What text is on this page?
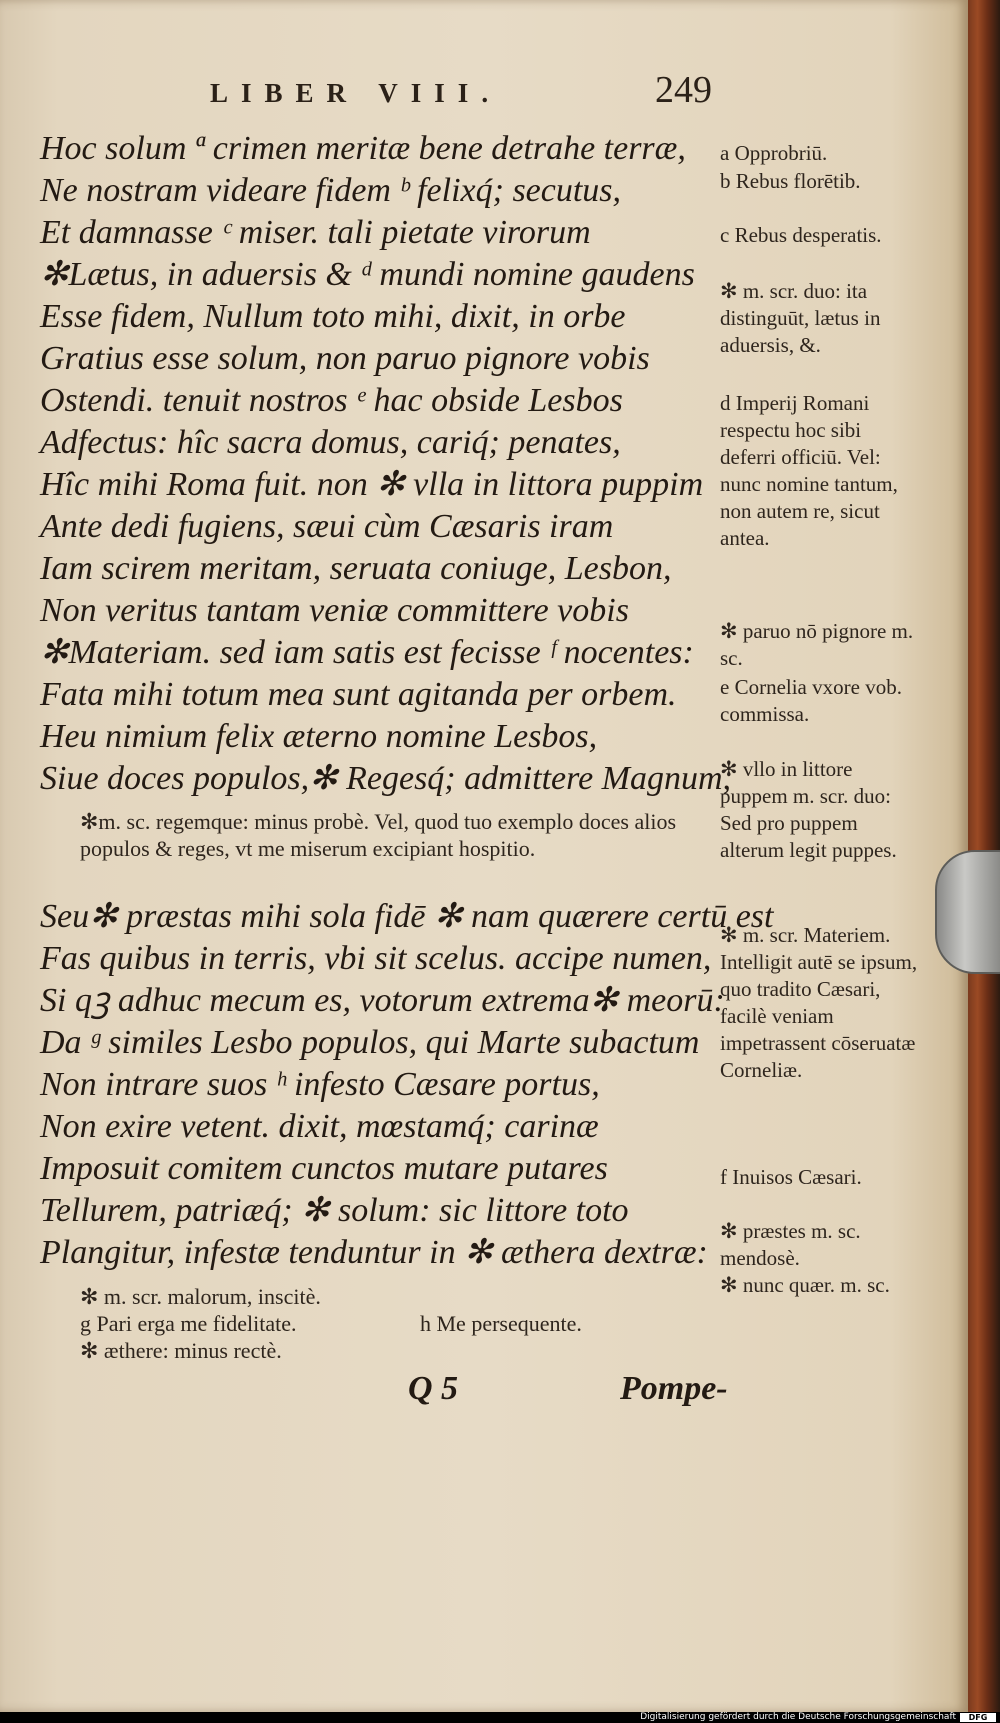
LIBER VIII.	249
Hoc solum ª crimen meritæ bene detrahe terræ,
Ne nostram videare fidem ᵇ felixq́; secutus,
Et damnasse ᶜ miser. tali pietate virorum
✻Lætus, in aduersis & ᵈ mundi nomine gaudens
Esse fidem, Nullum toto mihi, dixit, in orbe
Gratius esse solum, non paruo pignore vobis
Ostendi. tenuit nostros ᵉ hac obside Lesbos
Adfectus: hîc sacra domus, cariq́; penates,
Hîc mihi Roma fuit. non ✻ vlla in littora puppim
Ante dedi fugiens, sæui cùm Cæsaris iram
Iam scirem meritam, seruata coniuge, Lesbon,
Non veritus tantam veniæ committere vobis
✻Materiam. sed iam satis est fecisse ᶠ nocentes:
Fata mihi totum mea sunt agitanda per orbem.
Heu nimium felix æterno nomine Lesbos,
Siue doces populos,✻ Regesq́; admittere Magnum,
✻m. sc. regemque: minus probè. Vel, quod tuo exemplo doces alios populos & reges, vt me miserum excipiant hospitio.
Seu✻ præstas mihi sola fidē ✻ nam quærere certū est
Fas quibus in terris, vbi sit scelus. accipe numen,
Si qꝫ adhuc mecum es, votorum extrema✻ meorū:
Da ᵍ similes Lesbo populos, qui Marte subactum
Non intrare suos ʰ infesto Cæsare portus,
Non exire vetent. dixit, mœstamq́; carinæ
Imposuit comitem cunctos mutare putares
Tellurem, patriæq́; ✻ solum: sic littore toto
Plangitur, infestæ tenduntur in ✻ æthera dextræ:
a Opprobriū.
b Rebus florētib.
c Rebus desperatis.
✻ m. scr. duo: ita distinguūt, lætus in aduersis, &.
d Imperij Romani respectu hoc sibi deferri officiū. Vel: nunc nomine tantum, non autem re, sicut antea.
✻ paruo nō pignore m. sc.
e Cornelia vxore vob. commissa.
✻ vllo in littore puppem m. scr. duo: Sed pro puppem alterum legit puppes.
✻ m. scr. Materiem. Intelligit autē se ipsum, quo tradito Cæsari, facilè veniam impetrassent cōseruatæ Corneliæ.
f Inuisos Cæsari.
✻ præstes m. sc. mendosè.
✻ nunc quær. m. sc.
✻ m. scr. malorum, inscitè.
g Pari erga me fidelitate.	h Me persequente.
✻ æthere: minus rectè.
Q 5	Pompe-
Digitalisierung gefördert durch die Deutsche Forschungsgemeinschaft	DFG
